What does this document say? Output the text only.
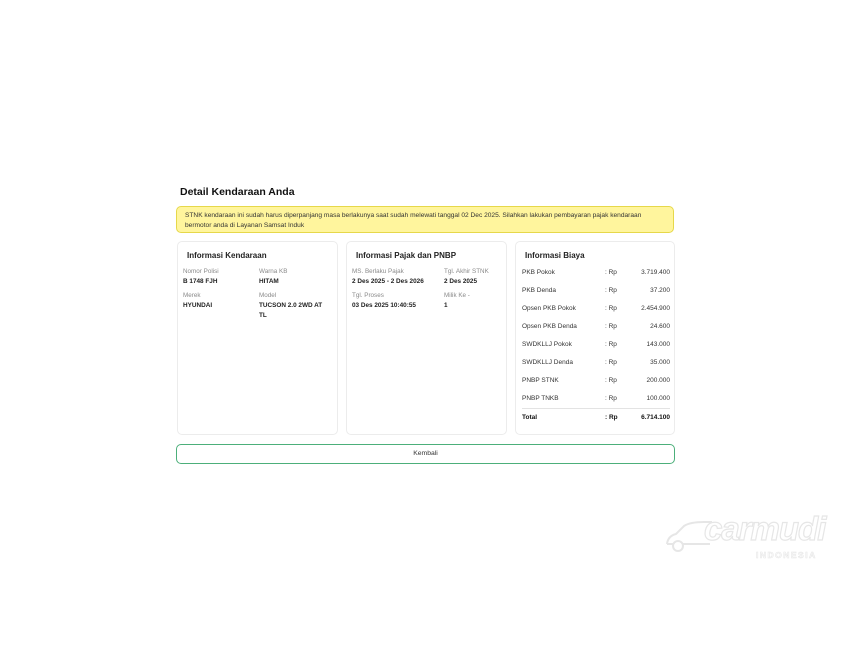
Detail Kendaraan Anda
STNK kendaraan ini sudah harus diperpanjang masa berlakunya saat sudah melewati tanggal 02 Dec 2025. Silahkan lakukan pembayaran pajak kendaraan bermotor anda di Layanan Samsat Induk
Informasi Kendaraan
Nomor Polisi
B 1748 FJH
Warna KB
HITAM
Merek
HYUNDAI
Model
TUCSON 2.0 2WD AT TL
Informasi Pajak dan PNBP
MS. Berlaku Pajak
2 Des 2025 - 2 Des 2026
Tgl. Akhir STNK
2 Des 2025
Tgl. Proses
03 Des 2025 10:40:55
Milik Ke -
1
Informasi Biaya
PKB Pokok	: Rp	3.719.400
PKB Denda	: Rp	37.200
Opsen PKB Pokok	: Rp	2.454.900
Opsen PKB Denda	: Rp	24.600
SWDKLLJ Pokok	: Rp	143.000
SWDKLLJ Denda	: Rp	35.000
PNBP STNK	: Rp	200.000
PNBP TNKB	: Rp	100.000
Total	: Rp	6.714.100
Kembali
carmudi
INDONESIA
